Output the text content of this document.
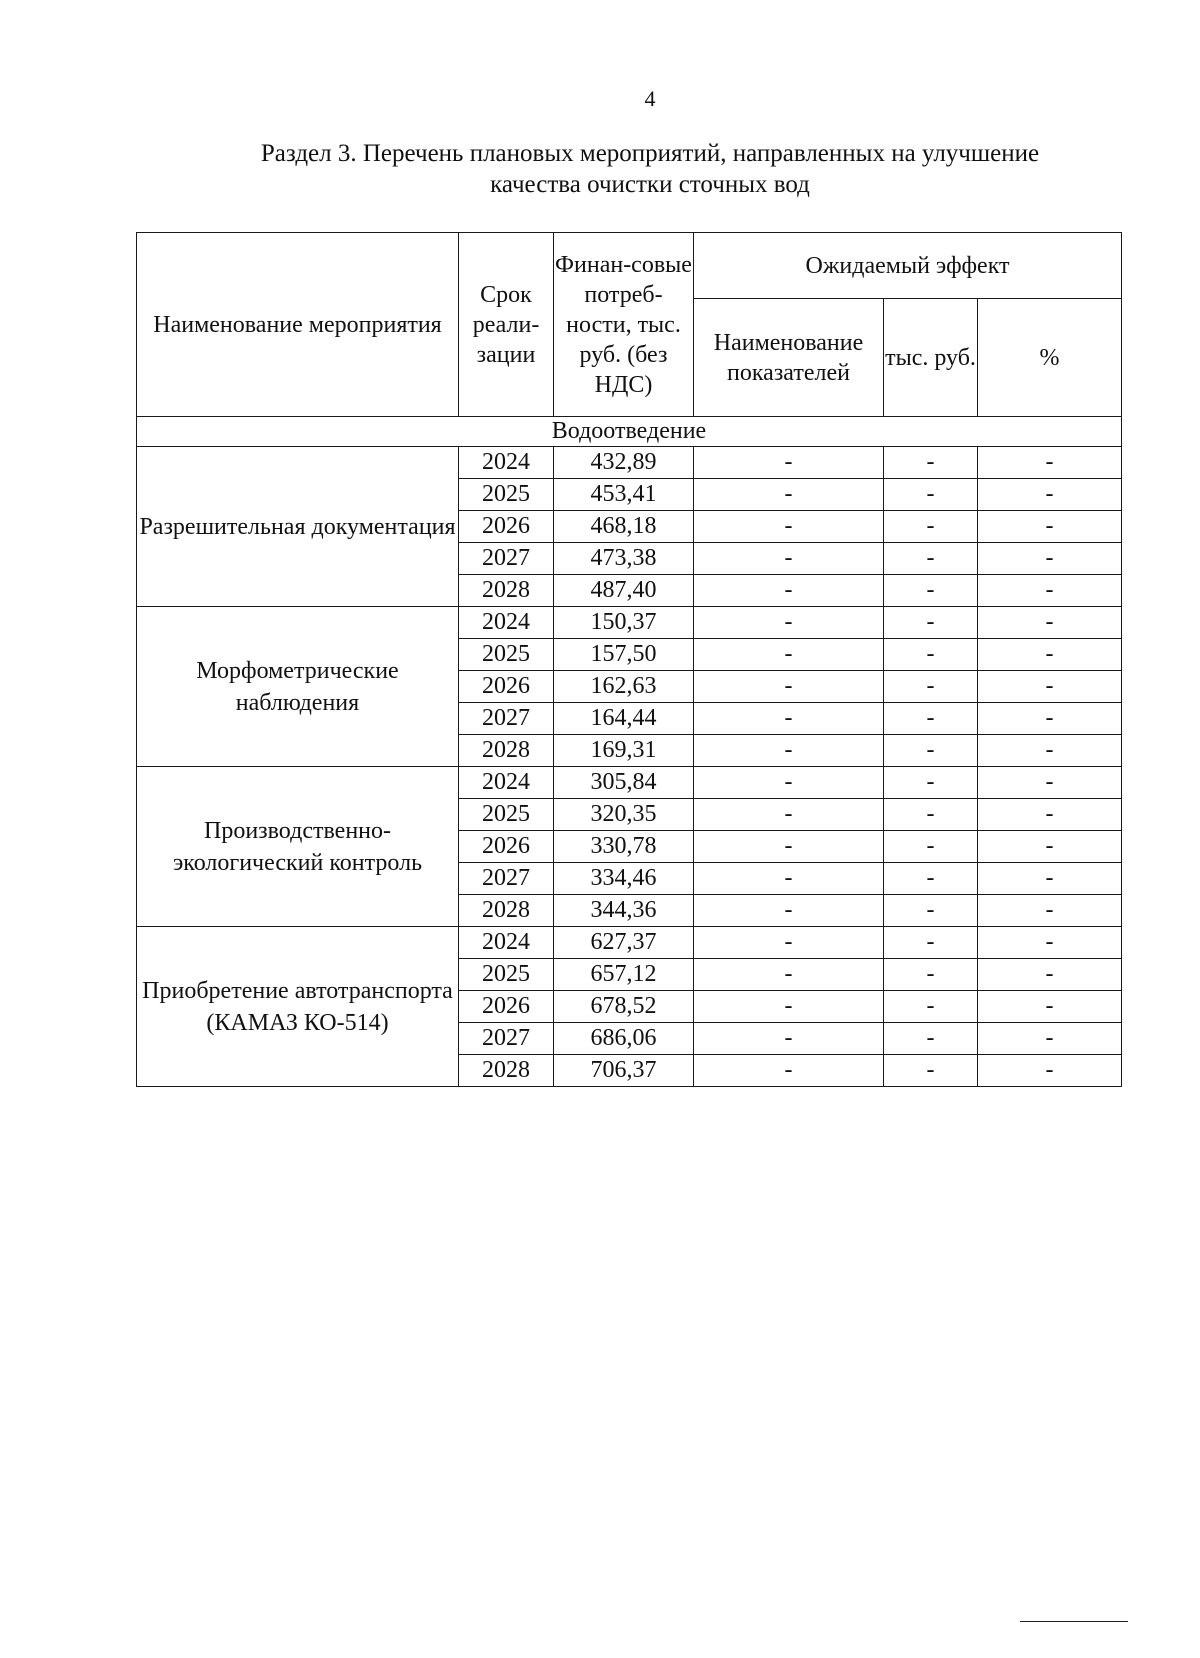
4
Раздел 3. Перечень плановых мероприятий, направленных на улучшение
качества очистки сточных вод
Наименование мероприятия	Срок реали-зации	Финан-совые потреб-ности, тыс. руб. (без НДС)	Ожидаемый эффект		
			Наименование показателей	тыс. руб.	%
Водоотведение					
Разрешительная документация	2024	432,89	-	-	-
	2025	453,41	-	-	-
	2026	468,18	-	-	-
	2027	473,38	-	-	-
	2028	487,40	-	-	-
Морфометрические наблюдения	2024	150,37	-	-	-
	2025	157,50	-	-	-
	2026	162,63	-	-	-
	2027	164,44	-	-	-
	2028	169,31	-	-	-
Производственно-экологический контроль	2024	305,84	-	-	-
	2025	320,35	-	-	-
	2026	330,78	-	-	-
	2027	334,46	-	-	-
	2028	344,36	-	-	-
Приобретение автотранспорта (КАМАЗ КО-514)	2024	627,37	-	-	-
	2025	657,12	-	-	-
	2026	678,52	-	-	-
	2027	686,06	-	-	-
	2028	706,37	-	-	-
